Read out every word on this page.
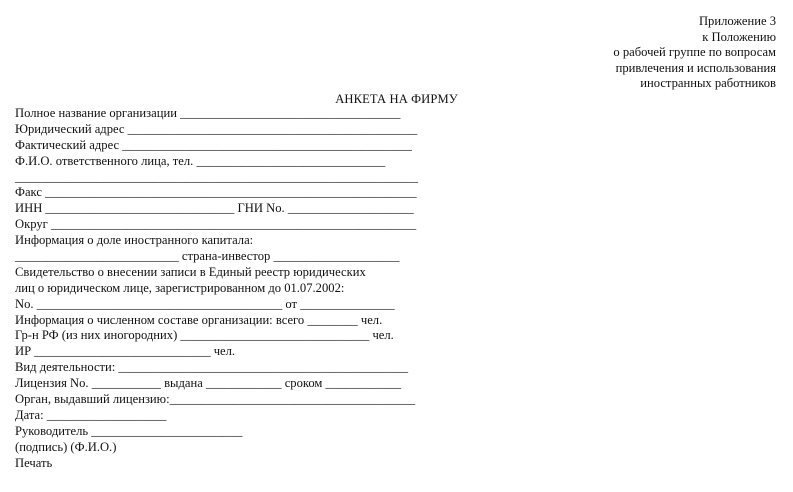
Приложение 3
к Положению
о рабочей группе по вопросам
привлечения и использования
иностранных работников
АНКЕТА НА ФИРМУ
Полное название организации ___________________________________
Юридический адрес ______________________________________________
Фактический адрес ______________________________________________
Ф.И.О. ответственного лица, тел. ______________________________
________________________________________________________________
Факс ___________________________________________________________
ИНН ______________________________ ГНИ No. ____________________
Округ __________________________________________________________
Информация о доле иностранного капитала:
__________________________ страна-инвестор ____________________
Свидетельство о внесении записи в Единый реестр юридических
лиц о юридическом лице, зарегистрированном до 01.07.2002:
No. _______________________________________ от _______________
Информация о численном составе организации: всего ________ чел.
Гр-н РФ (из них иногородних) ______________________________ чел.
ИР ____________________________ чел.
Вид деятельности: ______________________________________________
Лицензия No. ___________ выдана ____________ сроком ____________
Орган, выдавший лицензию:_______________________________________
Дата: ___________________
Руководитель ________________________
(подпись) (Ф.И.О.)
Печать
